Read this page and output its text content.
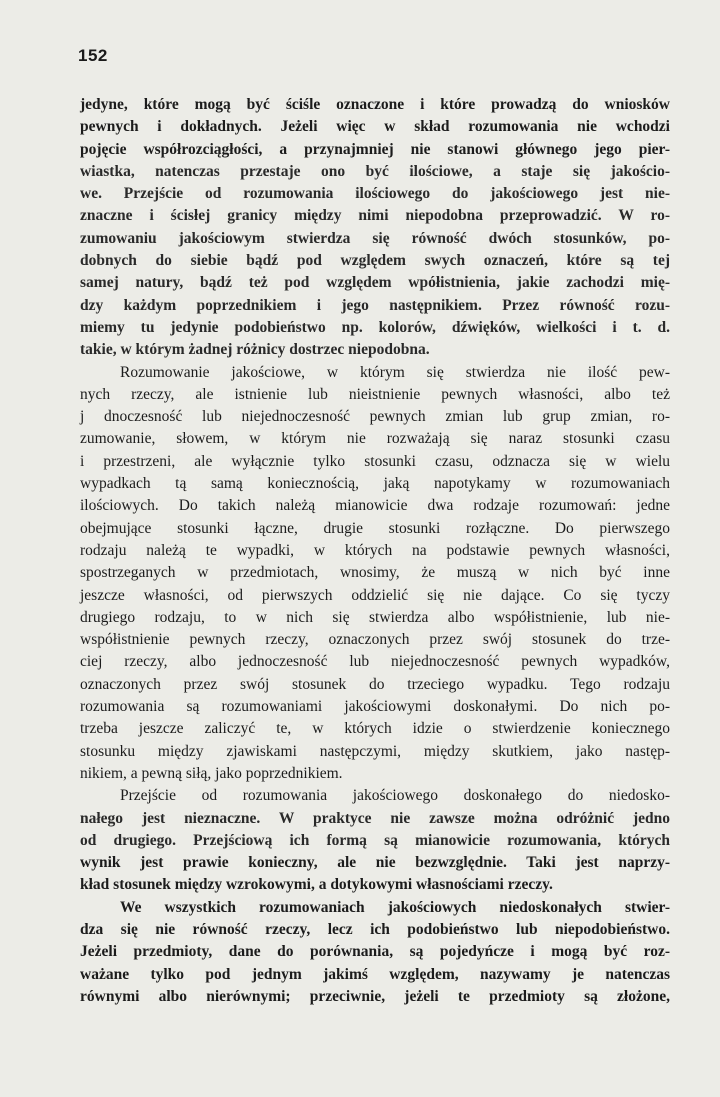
152
jedyne, które mogą być ściśle oznaczone i które prowadzą do wniosków
pewnych i dokładnych. Jeżeli więc w skład rozumowania nie wchodzi
pojęcie współrozciągłości, a przynajmniej nie stanowi głównego jego pier-
wiastka, natenczas przestaje ono być ilościowe, a staje się jakościo-
we. Przejście od rozumowania ilościowego do jakościowego jest nie-
znaczne i ścisłej granicy między nimi niepodobna przeprowadzić. W ro-
zumowaniu jakościowym stwierdza się równość dwóch stosunków, po-
dobnych do siebie bądź pod względem swych oznaczeń, które są tej
samej natury, bądź też pod względem wpółistnienia, jakie zachodzi mię-
dzy każdym poprzednikiem i jego następnikiem. Przez równość rozu-
miemy tu jedynie podobieństwo np. kolorów, dźwięków, wielkości i t. d.
takie, w którym żadnej różnicy dostrzec niepodobna.
Rozumowanie jakościowe, w którym się stwierdza nie ilość pew-
nych rzeczy, ale istnienie lub nieistnienie pewnych własności, albo też
j dnoczesność lub niejednoczesność pewnych zmian lub grup zmian, ro-
zumowanie, słowem, w którym nie rozważają się naraz stosunki czasu
i przestrzeni, ale wyłącznie tylko stosunki czasu, odznacza się w wielu
wypadkach tą samą koniecznością, jaką napotykamy w rozumowaniach
ilościowych. Do takich należą mianowicie dwa rodzaje rozumowań: jedne
obejmujące stosunki łączne, drugie stosunki rozłączne. Do pierwszego
rodzaju należą te wypadki, w których na podstawie pewnych własności,
spostrzeganych w przedmiotach, wnosimy, że muszą w nich być inne
jeszcze własności, od pierwszych oddzielić się nie dające. Co się tyczy
drugiego rodzaju, to w nich się stwierdza albo współistnienie, lub nie-
współistnienie pewnych rzeczy, oznaczonych przez swój stosunek do trze-
ciej rzeczy, albo jednoczesność lub niejednoczesność pewnych wypadków,
oznaczonych przez swój stosunek do trzeciego wypadku. Tego rodzaju
rozumowania są rozumowaniami jakościowymi doskonałymi. Do nich po-
trzeba jeszcze zaliczyć te, w których idzie o stwierdzenie koniecznego
stosunku między zjawiskami następczymi, między skutkiem, jako następ-
nikiem, a pewną siłą, jako poprzednikiem.
Przejście od rozumowania jakościowego doskonałego do niedosko-
nałego jest nieznaczne. W praktyce nie zawsze można odróżnić jedno
od drugiego. Przejściową ich formą są mianowicie rozumowania, których
wynik jest prawie konieczny, ale nie bezwzględnie. Taki jest naprzy-
kład stosunek między wzrokowymi, a dotykowymi własnościami rzeczy.
We wszystkich rozumowaniach jakościowych niedoskonałych stwier-
dza się nie równość rzeczy, lecz ich podobieństwo lub niepodobieństwo.
Jeżeli przedmioty, dane do porównania, są pojedyńcze i mogą być roz-
ważane tylko pod jednym jakimś względem, nazywamy je natenczas
równymi albo nierównymi; przeciwnie, jeżeli te przedmioty są złożone,
